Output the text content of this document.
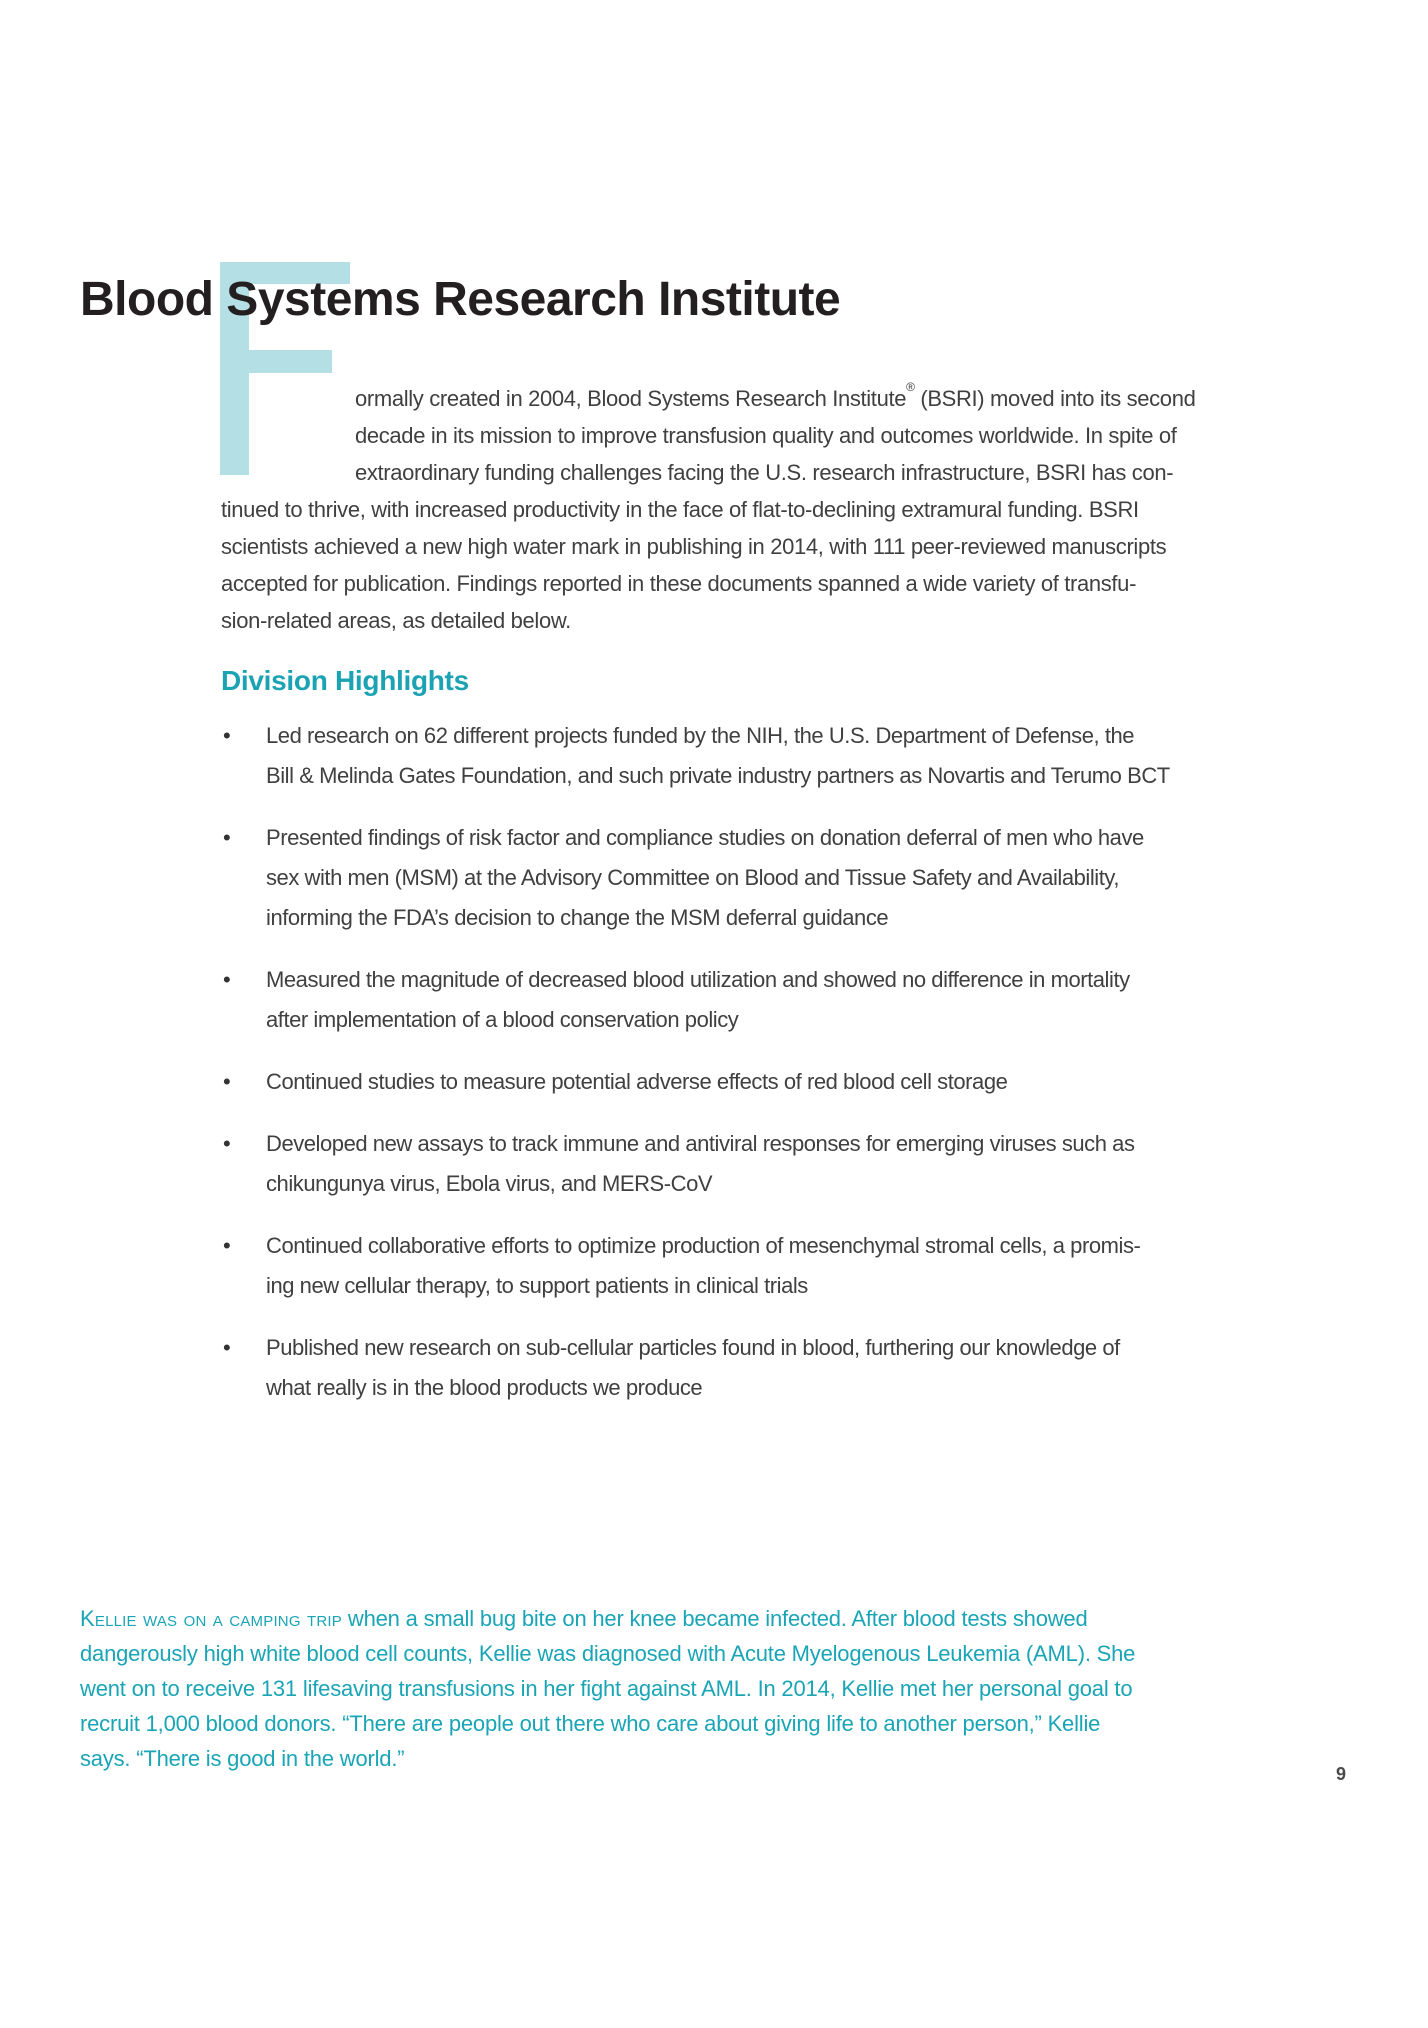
Blood Systems Research Institute
ormally created in 2004, Blood Systems Research Institute® (BSRI) moved into its second
decade in its mission to improve transfusion quality and outcomes worldwide. In spite of
extraordinary funding challenges facing the U.S. research infrastructure, BSRI has con-
tinued to thrive, with increased productivity in the face of flat-to-declining extramural funding. BSRI
scientists achieved a new high water mark in publishing in 2014, with 111 peer-reviewed manuscripts
accepted for publication. Findings reported in these documents spanned a wide variety of transfu-
sion-related areas, as detailed below.
Division Highlights
• Led research on 62 different projects funded by the NIH, the U.S. Department of Defense, the
Bill & Melinda Gates Foundation, and such private industry partners as Novartis and Terumo BCT
• Presented findings of risk factor and compliance studies on donation deferral of men who have
sex with men (MSM) at the Advisory Committee on Blood and Tissue Safety and Availability,
informing the FDA’s decision to change the MSM deferral guidance
• Measured the magnitude of decreased blood utilization and showed no difference in mortality
after implementation of a blood conservation policy
• Continued studies to measure potential adverse effects of red blood cell storage
• Developed new assays to track immune and antiviral responses for emerging viruses such as
chikungunya virus, Ebola virus, and MERS-CoV
• Continued collaborative efforts to optimize production of mesenchymal stromal cells, a promis-
ing new cellular therapy, to support patients in clinical trials
• Published new research on sub-cellular particles found in blood, furthering our knowledge of
what really is in the blood products we produce
Kellie was on a camping trip when a small bug bite on her knee became infected. After blood tests showed
dangerously high white blood cell counts, Kellie was diagnosed with Acute Myelogenous Leukemia (AML). She
went on to receive 131 lifesaving transfusions in her fight against AML. In 2014, Kellie met her personal goal to
recruit 1,000 blood donors. “There are people out there who care about giving life to another person,” Kellie
says. “There is good in the world.”
9
